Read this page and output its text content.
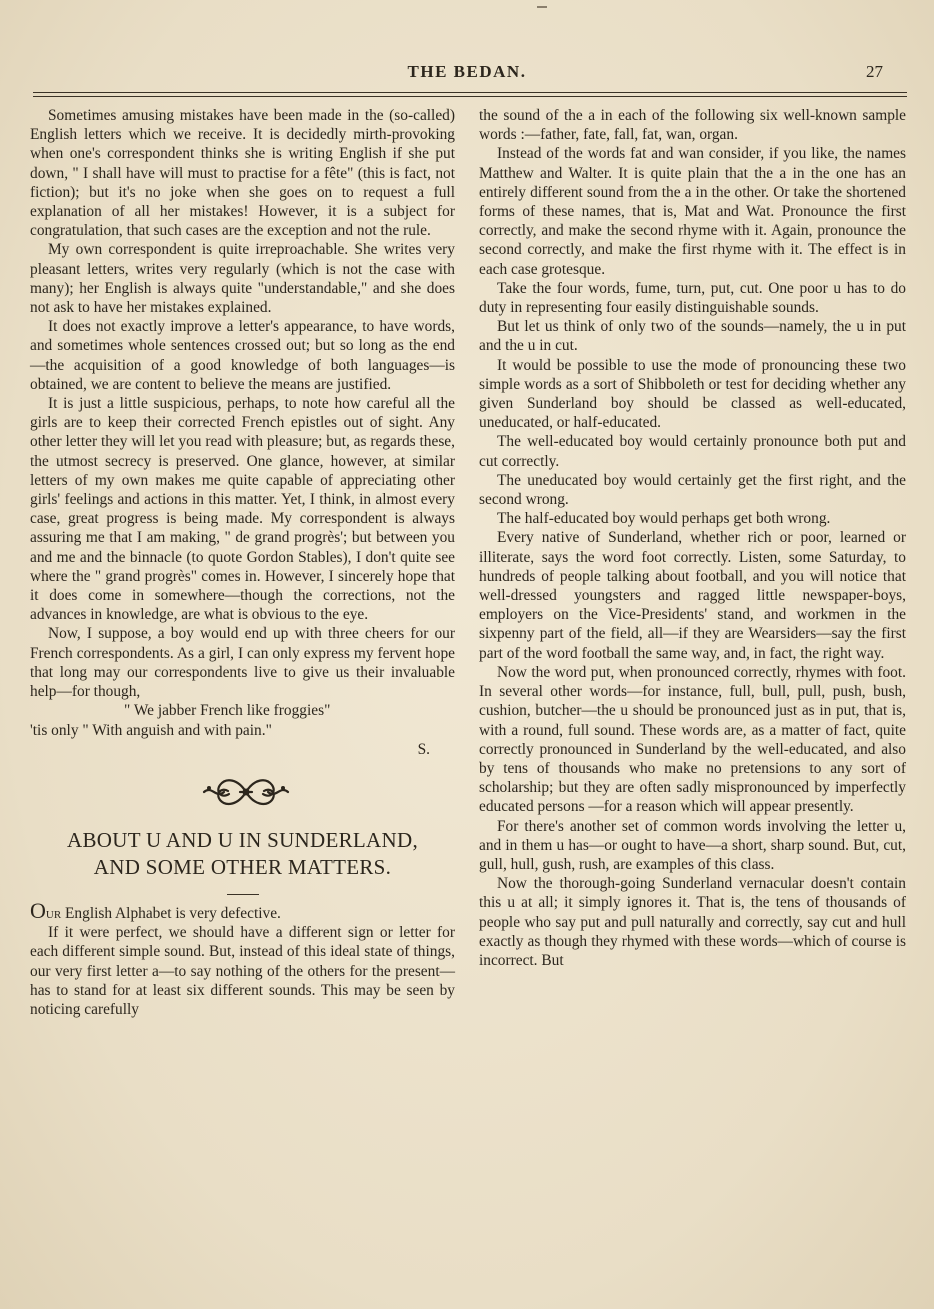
THE BEDAN.	27

Sometimes amusing mistakes have been made in the (so-called) English letters which we receive. It is decidedly mirth-provoking when one's correspondent thinks she is writing English if she put down, " I shall have will must to practise for a fête" (this is fact, not fiction); but it's no joke when she goes on to request a full explanation of all her mistakes! However, it is a subject for congratulation, that such cases are the exception and not the rule.

My own correspondent is quite irreproachable. She writes very pleasant letters, writes very regularly (which is not the case with many); her English is always quite "understandable," and she does not ask to have her mistakes explained.

It does not exactly improve a letter's appearance, to have words, and sometimes whole sentences crossed out; but so long as the end—the acquisition of a good knowledge of both languages—is obtained, we are content to believe the means are justified.

It is just a little suspicious, perhaps, to note how careful all the girls are to keep their corrected French epistles out of sight. Any other letter they will let you read with pleasure; but, as regards these, the utmost secrecy is preserved. One glance, however, at similar letters of my own makes me quite capable of appreciating other girls' feelings and actions in this matter. Yet, I think, in almost every case, great progress is being made. My correspondent is always assuring me that I am making, " de grand progrès'; but between you and me and the binnacle (to quote Gordon Stables), I don't quite see where the " grand progrès" comes in. However, I sincerely hope that it does come in somewhere—though the corrections, not the advances in knowledge, are what is obvious to the eye.

Now, I suppose, a boy would end up with three cheers for our French correspondents. As a girl, I can only express my fervent hope that long may our correspondents live to give us their invaluable help—for though,

" We jabber French like froggies"

'tis only " With anguish and with pain."

S.

ABOUT U AND U IN SUNDERLAND,
AND SOME OTHER MATTERS.

Our English Alphabet is very defective.

If it were perfect, we should have a different sign or letter for each different simple sound. But, instead of this ideal state of things, our very first letter a—to say nothing of the others for the present—has to stand for at least six different sounds. This may be seen by noticing carefully

the sound of the a in each of the following six well-known sample words :—father, fate, fall, fat, wan, organ.

Instead of the words fat and wan consider, if you like, the names Matthew and Walter. It is quite plain that the a in the one has an entirely different sound from the a in the other. Or take the shortened forms of these names, that is, Mat and Wat. Pronounce the first correctly, and make the second rhyme with it. Again, pronounce the second correctly, and make the first rhyme with it. The effect is in each case grotesque.

Take the four words, fume, turn, put, cut. One poor u has to do duty in representing four easily distinguishable sounds.

But let us think of only two of the sounds—namely, the u in put and the u in cut.

It would be possible to use the mode of pronouncing these two simple words as a sort of Shibboleth or test for deciding whether any given Sunderland boy should be classed as well-educated, uneducated, or half-educated.

The well-educated boy would certainly pronounce both put and cut correctly.

The uneducated boy would certainly get the first right, and the second wrong.

The half-educated boy would perhaps get both wrong.

Every native of Sunderland, whether rich or poor, learned or illiterate, says the word foot correctly. Listen, some Saturday, to hundreds of people talking about football, and you will notice that well-dressed youngsters and ragged little newspaper-boys, employers on the Vice-Presidents' stand, and workmen in the sixpenny part of the field, all—if they are Wearsiders—say the first part of the word football the same way, and, in fact, the right way.

Now the word put, when pronounced correctly, rhymes with foot. In several other words—for instance, full, bull, pull, push, bush, cushion, butcher—the u should be pronounced just as in put, that is, with a round, full sound. These words are, as a matter of fact, quite correctly pronounced in Sunderland by the well-educated, and also by tens of thousands who make no pretensions to any sort of scholarship; but they are often sadly mispronounced by imperfectly educated persons —for a reason which will appear presently.

For there's another set of common words involving the letter u, and in them u has—or ought to have—a short, sharp sound. But, cut, gull, hull, gush, rush, are examples of this class.

Now the thorough-going Sunderland vernacular doesn't contain this u at all; it simply ignores it. That is, the tens of thousands of people who say put and pull naturally and correctly, say cut and hull exactly as though they rhymed with these words—which of course is incorrect. But
